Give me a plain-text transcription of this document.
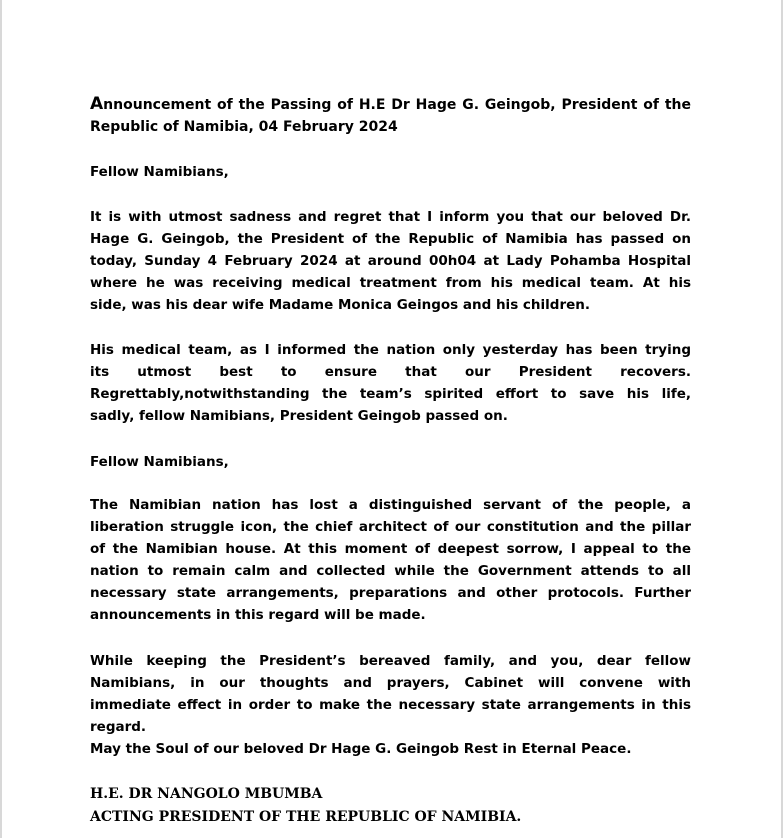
Announcement of the Passing of H.E Dr Hage G. Geingob, President of the
Republic of Namibia, 04 February 2024

Fellow Namibians,

It is with utmost sadness and regret that I inform you that our beloved Dr.
Hage G. Geingob, the President of the Republic of Namibia has passed on
today, Sunday 4 February 2024 at around 00h04 at Lady Pohamba Hospital
where he was receiving medical treatment from his medical team. At his
side, was his dear wife Madame Monica Geingos and his children.
His medical team, as I informed the nation only yesterday has been trying
its utmost best to ensure that our President recovers.
Regrettably,notwithstanding the team’s spirited effort to save his life,
sadly, fellow Namibians, President Geingob passed on.

Fellow Namibians,

The Namibian nation has lost a distinguished servant of the people, a
liberation struggle icon, the chief architect of our constitution and the pillar
of the Namibian house. At this moment of deepest sorrow, I appeal to the
nation to remain calm and collected while the Government attends to all
necessary state arrangements, preparations and other protocols. Further
announcements in this regard will be made.
While keeping the President’s bereaved family, and you, dear fellow
Namibians, in our thoughts and prayers, Cabinet will convene with
immediate effect in order to make the necessary state arrangements in this
regard.
May the Soul of our beloved Dr Hage G. Geingob Rest in Eternal Peace.
H.E. DR NANGOLO MBUMBA
ACTING PRESIDENT OF THE REPUBLIC OF NAMIBIA.
